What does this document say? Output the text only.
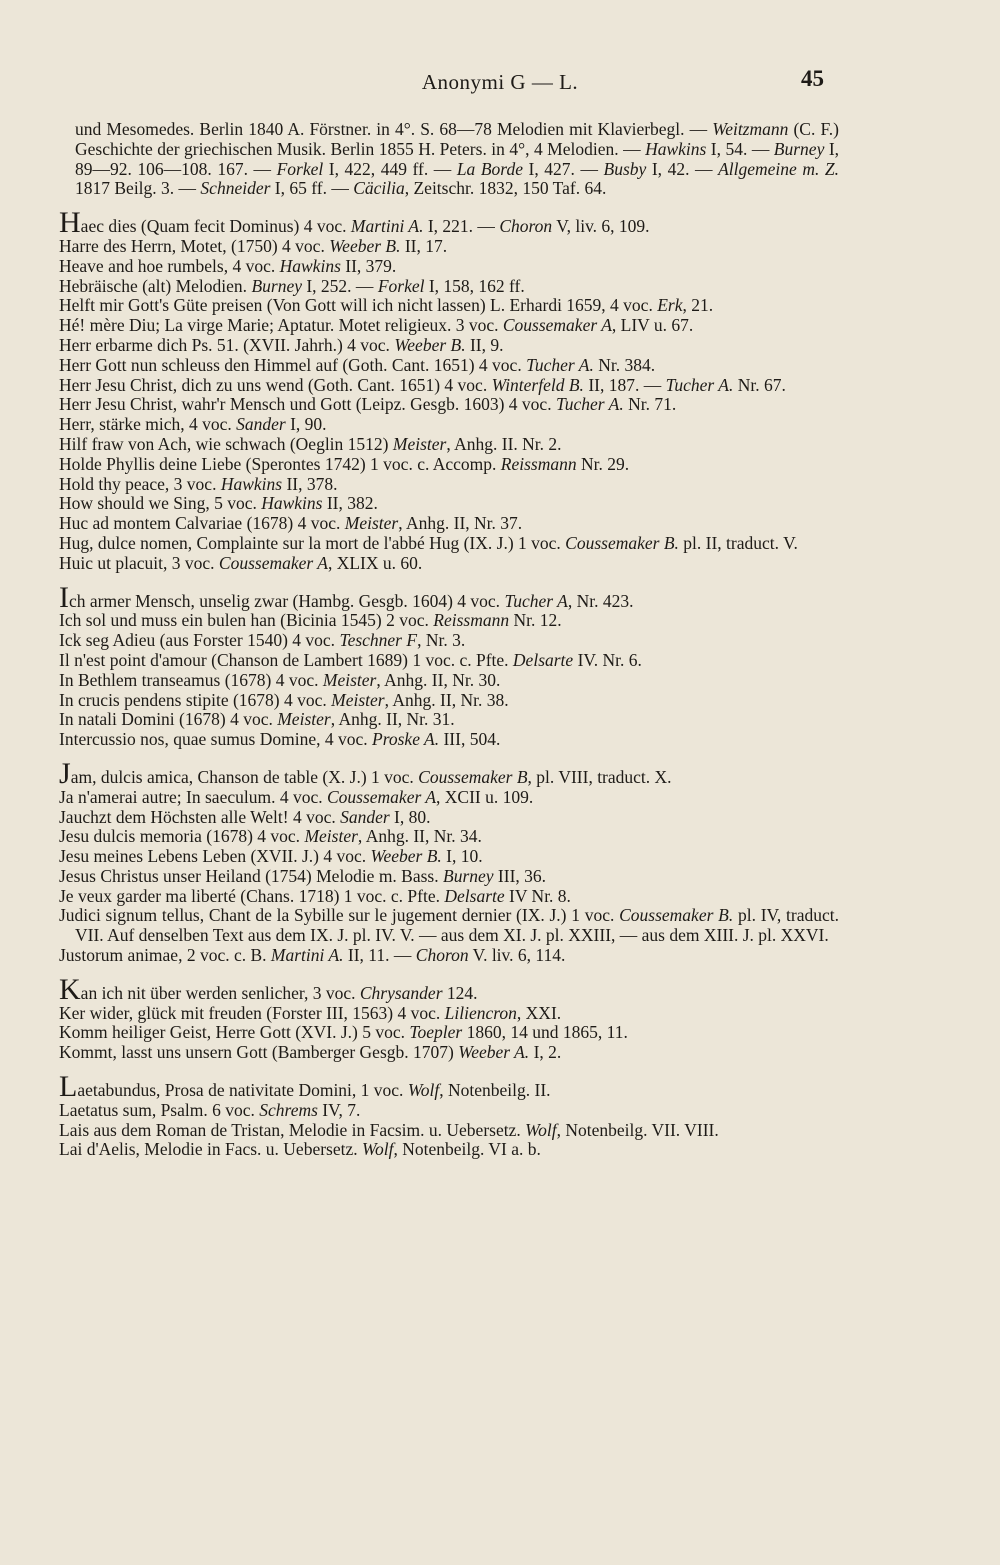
Anonymi G — L.	45
und Mesomedes. Berlin 1840 A. Förstner. in 4°. S. 68—78 Melodien mit Klavierbegl. — Weitzmann (C. F.) Geschichte der griechischen Musik. Berlin 1855 H. Peters. in 4°, 4 Melodien. — Hawkins I, 54. — Burney I, 89—92. 106—108. 167. — Forkel I, 422, 449 ff. — La Borde I, 427. — Busby I, 42. — Allgemeine m. Z. 1817 Beilg. 3. — Schneider I, 65 ff. — Cäcilia, Zeitschr. 1832, 150 Taf. 64.
Haec dies (Quam fecit Dominus) 4 voc. Martini A. I, 221. — Choron V, liv. 6, 109.
Harre des Herrn, Motet, (1750) 4 voc. Weeber B. II, 17.
Heave and hoe rumbels, 4 voc. Hawkins II, 379.
Hebräische (alt) Melodien. Burney I, 252. — Forkel I, 158, 162 ff.
Helft mir Gott's Güte preisen (Von Gott will ich nicht lassen) L. Erhardi 1659, 4 voc. Erk, 21.
Hé! mère Diu; La virge Marie; Aptatur. Motet religieux. 3 voc. Coussemaker A, LIV u. 67.
Herr erbarme dich Ps. 51. (XVII. Jahrh.) 4 voc. Weeber B. II, 9.
Herr Gott nun schleuss den Himmel auf (Goth. Cant. 1651) 4 voc. Tucher A. Nr. 384.
Herr Jesu Christ, dich zu uns wend (Goth. Cant. 1651) 4 voc. Winterfeld B. II, 187. — Tucher A. Nr. 67.
Herr Jesu Christ, wahr'r Mensch und Gott (Leipz. Gesgb. 1603) 4 voc. Tucher A. Nr. 71.
Herr, stärke mich, 4 voc. Sander I, 90.
Hilf fraw von Ach, wie schwach (Oeglin 1512) Meister, Anhg. II. Nr. 2.
Holde Phyllis deine Liebe (Sperontes 1742) 1 voc. c. Accomp. Reissmann Nr. 29.
Hold thy peace, 3 voc. Hawkins II, 378.
How should we Sing, 5 voc. Hawkins II, 382.
Huc ad montem Calvariae (1678) 4 voc. Meister, Anhg. II, Nr. 37.
Hug, dulce nomen, Complainte sur la mort de l'abbé Hug (IX. J.) 1 voc. Coussemaker B. pl. II, traduct. V.
Huic ut placuit, 3 voc. Coussemaker A, XLIX u. 60.
Ich armer Mensch, unselig zwar (Hambg. Gesgb. 1604) 4 voc. Tucher A, Nr. 423.
Ich sol und muss ein bulen han (Bicinia 1545) 2 voc. Reissmann Nr. 12.
Ick seg Adieu (aus Forster 1540) 4 voc. Teschner F, Nr. 3.
Il n'est point d'amour (Chanson de Lambert 1689) 1 voc. c. Pfte. Delsarte IV. Nr. 6.
In Bethlem transeamus (1678) 4 voc. Meister, Anhg. II, Nr. 30.
In crucis pendens stipite (1678) 4 voc. Meister, Anhg. II, Nr. 38.
In natali Domini (1678) 4 voc. Meister, Anhg. II, Nr. 31.
Intercussio nos, quae sumus Domine, 4 voc. Proske A. III, 504.
Jam, dulcis amica, Chanson de table (X. J.) 1 voc. Coussemaker B, pl. VIII, traduct. X.
Ja n'amerai autre; In saeculum. 4 voc. Coussemaker A, XCII u. 109.
Jauchzt dem Höchsten alle Welt! 4 voc. Sander I, 80.
Jesu dulcis memoria (1678) 4 voc. Meister, Anhg. II, Nr. 34.
Jesu meines Lebens Leben (XVII. J.) 4 voc. Weeber B. I, 10.
Jesus Christus unser Heiland (1754) Melodie m. Bass. Burney III, 36.
Je veux garder ma liberté (Chans. 1718) 1 voc. c. Pfte. Delsarte IV Nr. 8.
Judici signum tellus, Chant de la Sybille sur le jugement dernier (IX. J.) 1 voc. Coussemaker B. pl. IV, traduct. VII. Auf denselben Text aus dem IX. J. pl. IV. V. — aus dem XI. J. pl. XXIII, — aus dem XIII. J. pl. XXVI.
Justorum animae, 2 voc. c. B. Martini A. II, 11. — Choron V. liv. 6, 114.
Kan ich nit über werden senlicher, 3 voc. Chrysander 124.
Ker wider, glück mit freuden (Forster III, 1563) 4 voc. Liliencron, XXI.
Komm heiliger Geist, Herre Gott (XVI. J.) 5 voc. Toepler 1860, 14 und 1865, 11.
Kommt, lasst uns unsern Gott (Bamberger Gesgb. 1707) Weeber A. I, 2.
Laetabundus, Prosa de nativitate Domini, 1 voc. Wolf, Notenbeilg. II.
Laetatus sum, Psalm. 6 voc. Schrems IV, 7.
Lais aus dem Roman de Tristan, Melodie in Facsim. u. Uebersetz. Wolf, Notenbeilg. VII. VIII.
Lai d'Aelis, Melodie in Facs. u. Uebersetz. Wolf, Notenbeilg. VI a. b.
